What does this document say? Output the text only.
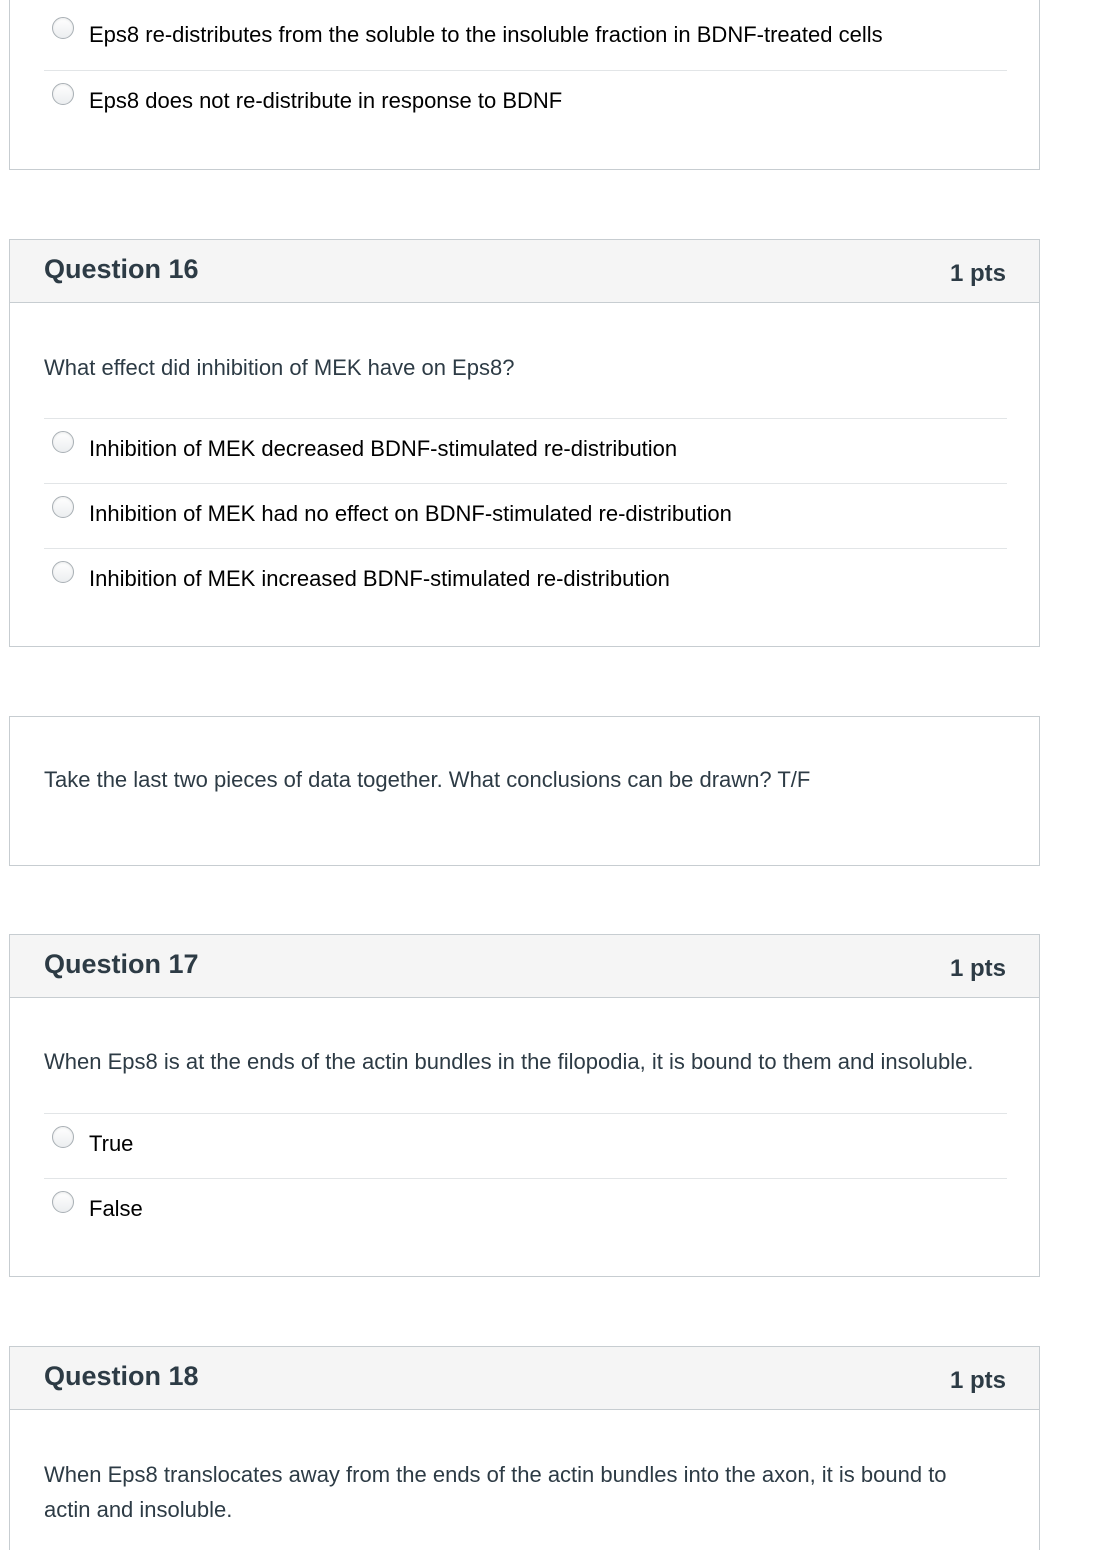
Eps8 re-distributes from the soluble to the insoluble fraction in BDNF-treated cells
Eps8 does not re-distribute in response to BDNF
Question 16	1 pts
What effect did inhibition of MEK have on Eps8?
Inhibition of MEK decreased BDNF-stimulated re-distribution
Inhibition of MEK had no effect on BDNF-stimulated re-distribution
Inhibition of MEK increased BDNF-stimulated re-distribution
Take the last two pieces of data together. What conclusions can be drawn? T/F
Question 17	1 pts
When Eps8 is at the ends of the actin bundles in the filopodia, it is bound to them and insoluble.
True
False
Question 18	1 pts
When Eps8 translocates away from the ends of the actin bundles into the axon, it is bound to actin and insoluble.
